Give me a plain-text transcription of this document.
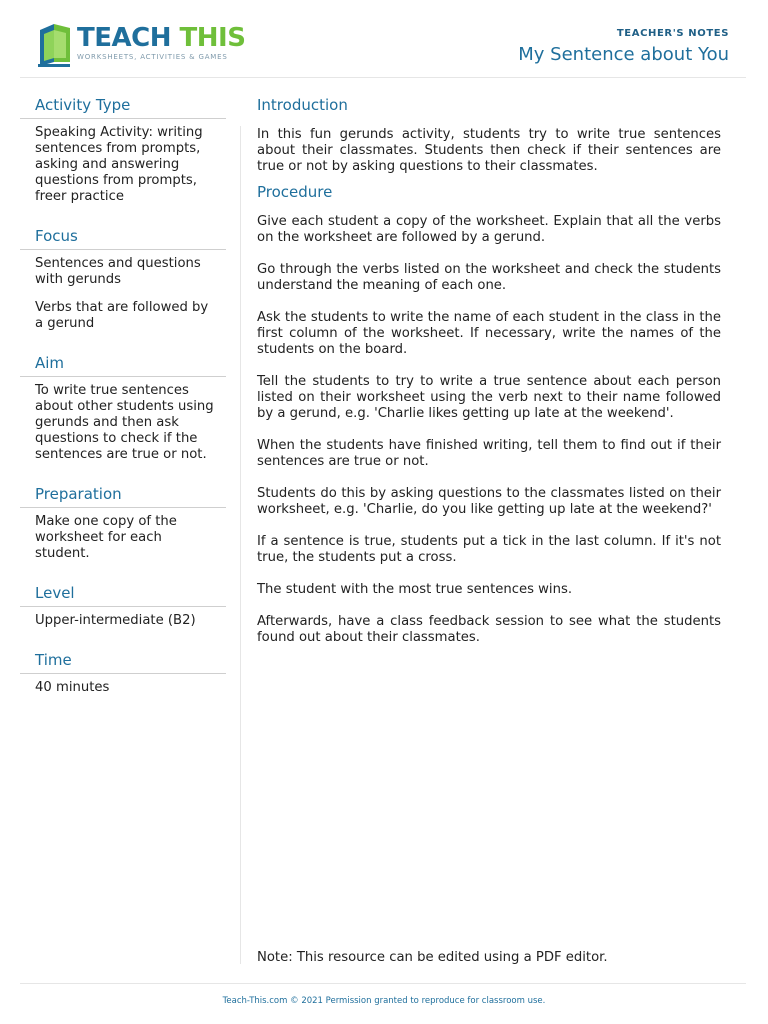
TEACH THIS
WORKSHEETS, ACTIVITIES & GAMES
TEACHER'S NOTES
My Sentence about You
Activity Type

Speaking Activity: writing sentences from prompts, asking and answering questions from prompts, freer practice

Focus

Sentences and questions with gerunds

Verbs that are followed by a gerund

Aim

To write true sentences about other students using gerunds and then ask questions to check if the sentences are true or not.

Preparation

Make one copy of the worksheet for each student.

Level

Upper-intermediate (B2)

Time

40 minutes

Introduction

In this fun gerunds activity, students try to write true sentences about their classmates. Students then check if their sentences are true or not by asking questions to their classmates.

Procedure

Give each student a copy of the worksheet. Explain that all the verbs on the worksheet are followed by a gerund.

Go through the verbs listed on the worksheet and check the students understand the meaning of each one.

Ask the students to write the name of each student in the class in the first column of the worksheet. If necessary, write the names of the students on the board.

Tell the students to try to write a true sentence about each person listed on their worksheet using the verb next to their name followed by a gerund, e.g. 'Charlie likes getting up late at the weekend'.

When the students have finished writing, tell them to find out if their sentences are true or not.

Students do this by asking questions to the classmates listed on their worksheet, e.g. 'Charlie, do you like getting up late at the weekend?'

If a sentence is true, students put a tick in the last column. If it's not true, the students put a cross.

The student with the most true sentences wins.

Afterwards, have a class feedback session to see what the students found out about their classmates.

Note: This resource can be edited using a PDF editor.
Teach-This.com © 2021 Permission granted to reproduce for classroom use.
